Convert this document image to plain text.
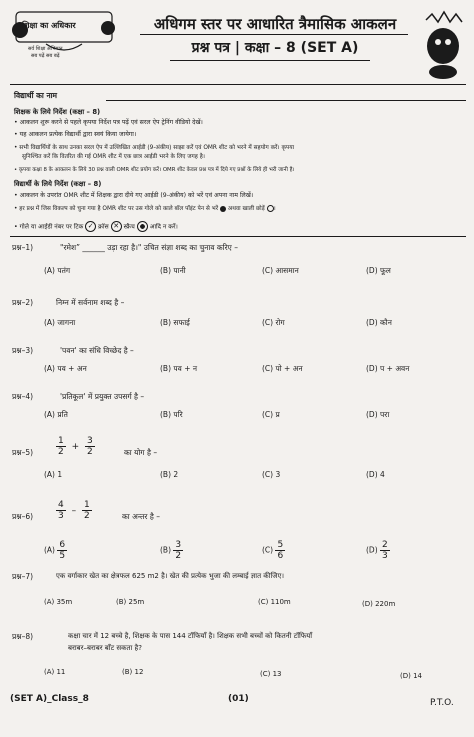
शिक्षा का अधिकार
सर्व शिक्षा अभियान
सब पढ़ें सब बढ़ें
अधिगम स्तर पर आधारित त्रैमासिक आकलन
प्रश्न पत्र | कक्षा – 8 (SET A)
विद्यार्थी का नाम
शिक्षक के लिये निर्देश (कक्षा – 8)
• आकलन शुरू करने से पहले कृपया निर्देश पत्र पढ़ें एवं सरल ऐप ट्रेनिंग वीडियो देखें।
• यह आकलन प्रत्येक विद्यार्थी द्वारा स्वयं किया जायेगा।
• सभी विद्यार्थियों के साथ उनका सरल ऐप में उल्लिखित आईडी (9-अंकीय) साझा करें एवं OMR शीट को भरने में सहयोग करें। कृपया
सुनिश्चित करें कि वितरित की गई OMR शीट में एक छात्र आईडी भरने के लिए जगह है।
• कृपया कक्षा 8 के आकलन के लिये 30 प्रश्न वाली OMR शीट प्रयोग करें। OMR शीट केवल प्रश्न पत्र में दिये गए प्रश्नों के लिये ही भरी जानी है।
विद्यार्थी के लिये निर्देश (कक्षा – 8)
• आकलन के उपरांत OMR शीट में शिक्षक द्वारा दीये गए आईडी (9-अंकीय) को भरें एवं अपना नाम लिखें।
• हर प्रश्न में जिस विकल्प को चुना गया है OMR शीट पर उस गोले को काले बॉल पॉइंट पेन से भरें अथवा खाली छोड़ें ।
• गोले या आईडी नंबर पर टिक ✓ क्रॉस ✕ स्क्रैच आदि न करें।
प्रश्न–1)	"रमेश” ______ उड़ा रहा है।" उचित संज्ञा शब्द का चुनाव करिए –
(A) पतंग	(B) पानी	(C) आसमान	(D) फूल
प्रश्न–2)	निम्न में सर्वनाम शब्द है –
(A) जागना	(B) सफाई	(C) रोग	(D) कौन
प्रश्न–3)	'पवन' का संधि विच्छेद है –
(A) पव + अन	(B) पव + न	(C) पो + अन	(D) प + अवन
प्रश्न–4)	'प्रतिकूल' में प्रयुक्त उपसर्ग है –
(A) प्रति	(B) परि	(C) प्र	(D) परा
प्रश्न–5)	$\frac{1}{2} + \frac{3}{2}$	का योग है –
(A) 1	(B) 2	(C) 3	(D) 4
प्रश्न–6)	$\frac{4}{3} - \frac{1}{2}$	का अन्तर है –
$(A) \frac{6}{5}$	$(B) \frac{3}{2}$	$(C) \frac{5}{6}$	$(D) \frac{2}{3}$
प्रश्न–7)	एक वर्गाकार खेत का क्षेत्रफल 625 m2 है। खेत की प्रत्येक भुजा की लम्बाई ज्ञात कीजिए।
(A) 35m	(B) 25m	(C) 110m	(D) 220m
प्रश्न–8)	कक्षा चार में 12 बच्चे है, शिक्षक के पास 144 टॉफियाँ है। शिक्षक सभी बच्चों को कितनी टॉफियाँ
बराबर–बराबर बाँट सकता है?
(A) 11	(B) 12	(C) 13	(D) 14
(SET A)_Class_8	(01)	P.T.O.
